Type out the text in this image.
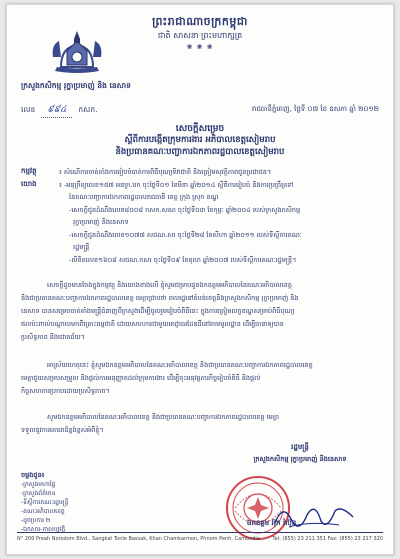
ព្រះរាជាណាចក្រកម្ពុជា
ជាតិ សាសនា ព្រះមហាក្សត្រ
❀ ❀ ❀
ក្រសួងកសិកម្ម រុក្ខាប្រមាញ់ និង នេសាទ
លេខ ៩៩៤ កសក.	រាជធានីភ្នំពេញ, ថ្ងៃទី ០៧ ខែ ឧសភា ឆ្នាំ ២០១២
សេចក្តីសម្រេច
ស្តីពីការបង្កើតក្រុមការងារ អភិបាលខេត្តសៀមរាប
និងប្រធានគណៈបញ្ជាការឯកភាពរដ្ឋបាលខេត្តសៀមរាប
កម្មវត្ថុ	៖ សំណើការចាត់តាំងការរៀបចំបាត់ការពិធីបុណ្យទិវាជាតិ និងត្រៀមសុវត្ថិភាពជូនប្រជាជន។
យោង	៖ -អនុក្រឹត្យលេខ១៥៧ អនក្រ.បក ចុះថ្ងៃទី០១ ខែមិនា ឆ្នាំ២០១៤ ស្តីពីការរៀបចំ និងការប្រព្រឹត្តទៅ
នៃគណៈបញ្ជាការឯកភាពរដ្ឋបាលរាជធានី ខេត្ត ក្រុង ស្រុក ខណ្ឌ
-សេចក្តីជូនដំណឹងលេខ៨០០៨ កសក.សណ ចុះថ្ងៃទី០៣ ខែកុម្ភៈ ឆ្នាំ២០០៤ របស់ក្រសួងកសិកម្ម
រុក្ខាប្រមាញ់ និងនេសាទ
-សេចក្តីជូនដំណឹងលេខ១០៧៧ សជណ.សរ ចុះថ្ងៃទី២៨ ខែសីហា ឆ្នាំ២០១១ របស់ទីស្តីការគណៈ
រដ្ឋមន្ត្រី
-លិខិតលេខ១៦០៨ សជណ.កសរ ចុះថ្ងៃទី០៩ ខែតុលា ឆ្នាំ២០០៧ របស់ទីស្តីការគណៈរដ្ឋមន្ត្រី។
សេចក្តីដូចមានចែងក្នុងកម្មវត្ថុ និងយោងខាងលើ ខ្ញុំសូមជម្រាបជូនឯកឧត្តមអភិបាលនៃគណៈអភិបាលខេត្ត
និងជាប្រធានគណៈបញ្ជាការឯកភាពរដ្ឋបាលខេត្ត មេត្តាជ្រាបថា ពលរដ្ឋនៅតំបន់ខេត្តនិងក្រសួងកសិកម្ម រុក្ខាប្រមាញ់ និង
នេសាទ បានសម្រេចចាត់តាំងមន្ត្រីជំនាញពីក្រសួងដើម្បីចូលរួមរៀបចំពិធីនេះ ក្នុងការត្រៀមលក្ខខណ្ឌសម្រាប់ពិធីបុណ្យ
ផលប៉ះពាល់បណ្តាលមកពីគ្រោះធម្មជាតិ ដោយសហការជាមួយអាជ្ញាធរដែនដីនៅតាមមូលដ្ឋាន ដើម្បីធានាឲ្យបាន
ប្រសិទ្ធភាព និងជោគជ័យ។
អាស្រ័យហេតុនេះ ខ្ញុំសូមឯកឧត្តមអភិបាលនៃគណៈអភិបាលខេត្ត និងជាប្រធានគណៈបញ្ជាការឯកភាពរដ្ឋបាលខេត្ត
មេត្តាជួយសម្របសម្រួល និងផ្តល់ការអនុញ្ញាតដល់ក្រុមការងារ ដើម្បីចុះអនុវត្តភារកិច្ចរៀបចំពិធី និងផ្តល់
កិច្ចសហការប្រកបដោយប្រសិទ្ធភាព។
សូមឯកឧត្តមអភិបាលនៃគណៈអភិបាលខេត្ត និងជាប្រធានគណៈបញ្ជាការឯកភាពរដ្ឋបាលខេត្ត មេត្តា
ទទួលនូវការគោរពដ៏ខ្ពង់ខ្ពស់អំពីខ្ញុំ។
រដ្ឋមន្ត្រី
ក្រសួងកសិកម្ម រុក្ខាប្រមាញ់ និងនេសាទ
ឯកឧត្តម អ៊ុក រ៉ាប៊ុន
ចម្លងជូន៖
-ក្រសួងមហាផ្ទៃ
-ក្រសួងព័ត៌មាន
-ទីស្តីការគណៈរដ្ឋមន្ត្រី
-គណៈអភិបាលខេត្ត
-ដូចប្រការ ២
-ឯកសារ-កាលប្បវត្តិ
N° 200 Preah Norodom Blvd., Sangkat Tonle Bassak, Khan Chamkarmon, Phnom Penh, Cambodia	Tel: (855) 23 211 351 Fax: (855) 23 217 320
